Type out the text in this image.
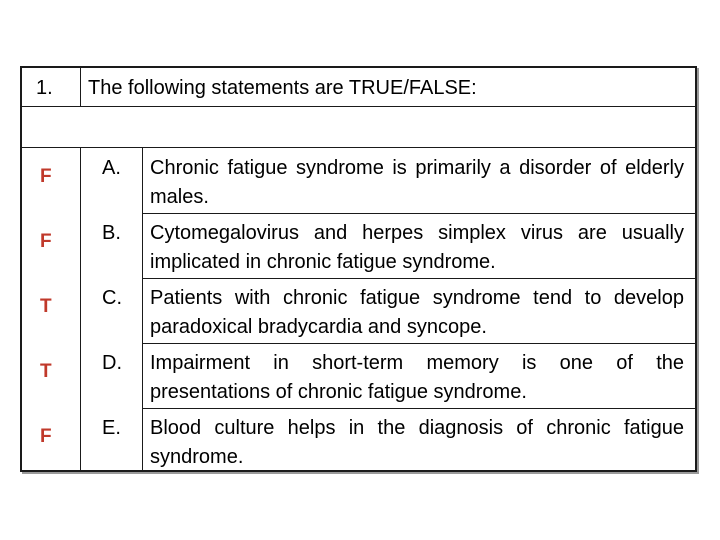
1. The following statements are TRUE/FALSE:
F	A. Chronic fatigue syndrome is primarily a disorder of elderly males.
F	B. Cytomegalovirus and herpes simplex virus are usually implicated in chronic fatigue syndrome.
T	C. Patients with chronic fatigue syndrome tend to develop paradoxical bradycardia and syncope.
T	D. Impairment in short-term memory is one of the presentations of chronic fatigue syndrome.
F	E. Blood culture helps in the diagnosis of chronic fatigue syndrome.
